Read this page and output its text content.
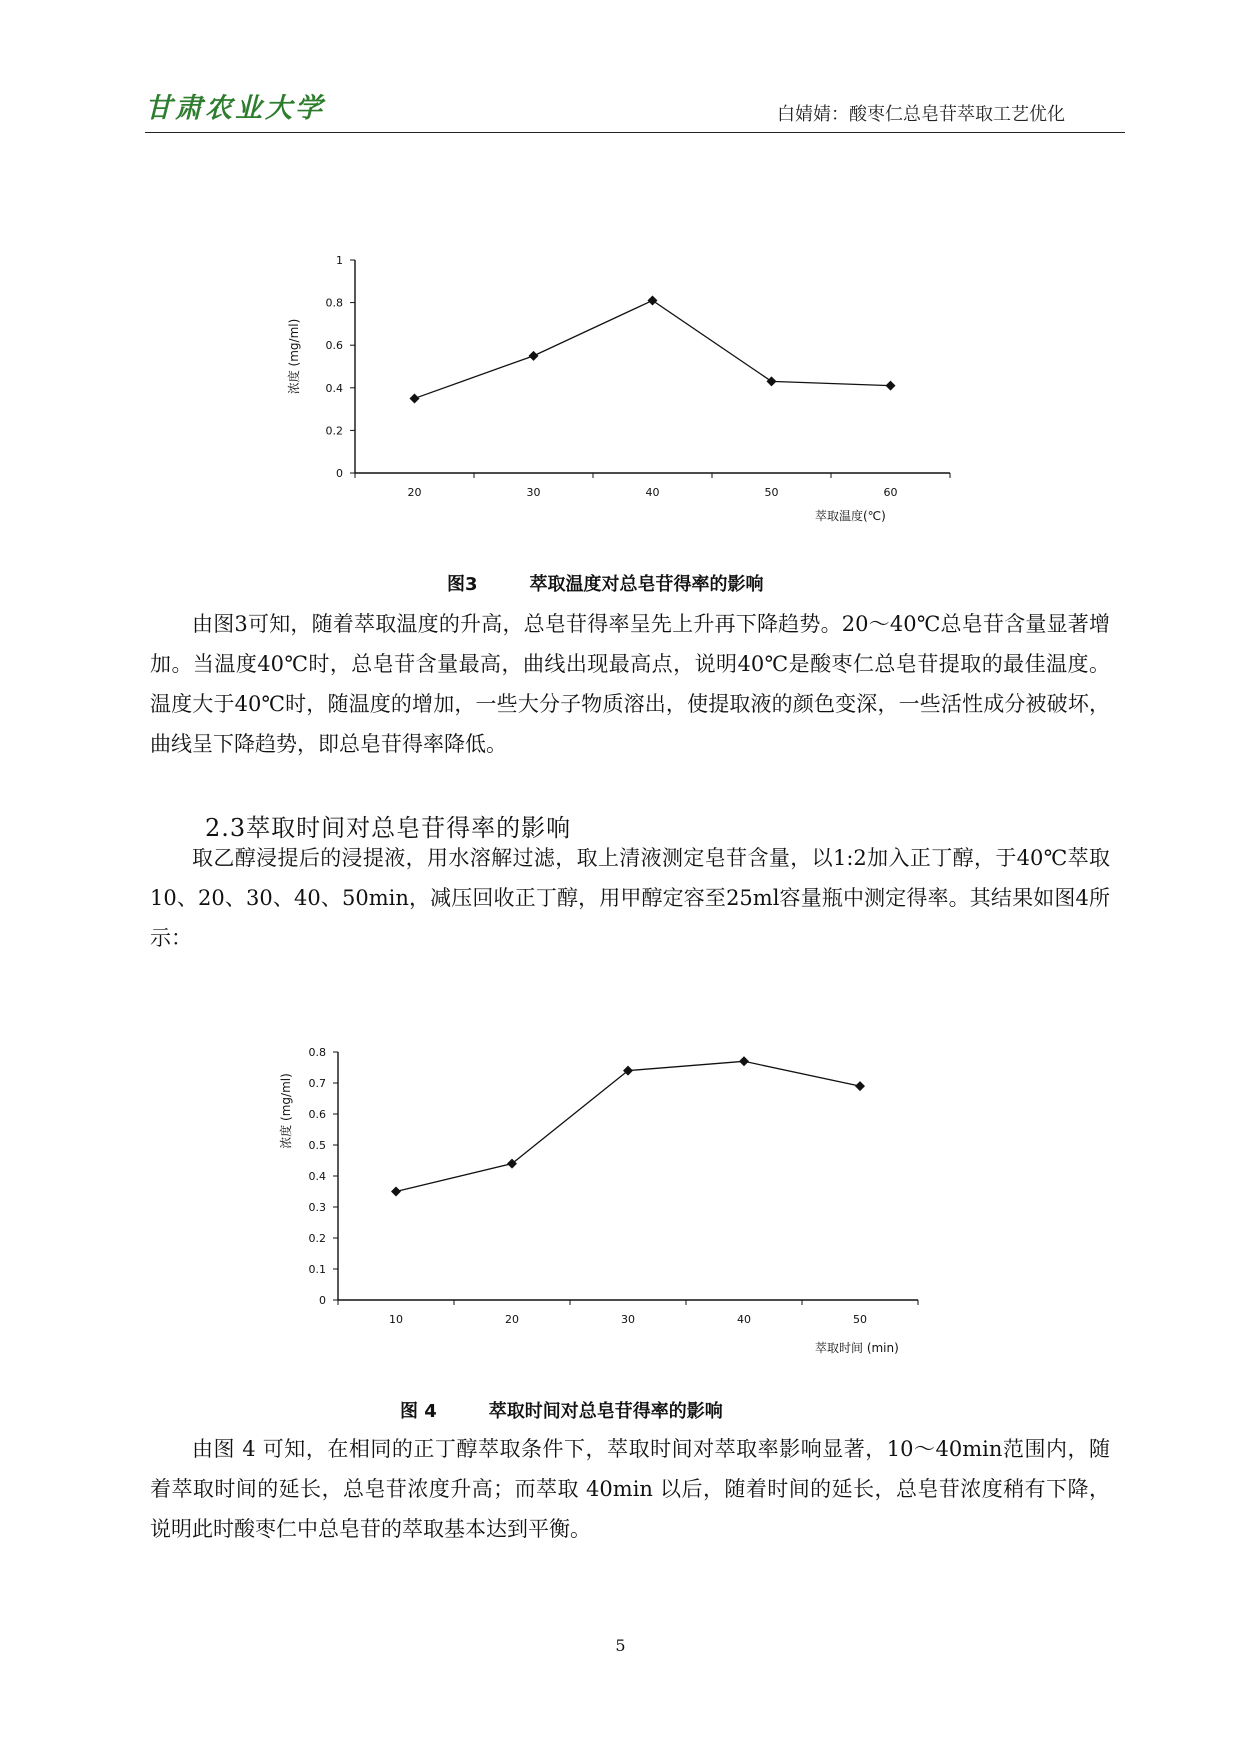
甘肃农业大学	白婧婧：酸枣仁总皂苷萃取工艺优化
0
0.2
0.4
0.6
0.8
1
20	30	40	50	60
萃取温度(℃)
浓度 (mg/ml)
图3	萃取温度对总皂苷得率的影响

由图3可知，随着萃取温度的升高，总皂苷得率呈先上升再下降趋势。20～40℃总皂苷含量显著增加。当温度40℃时，总皂苷含量最高，曲线出现最高点，说明40℃是酸枣仁总皂苷提取的最佳温度。温度大于40℃时，随温度的增加，一些大分子物质溶出，使提取液的颜色变深，一些活性成分被破坏，曲线呈下降趋势，即总皂苷得率降低。

2.3萃取时间对总皂苷得率的影响

取乙醇浸提后的浸提液，用水溶解过滤，取上清液测定皂苷含量，以1:2加入正丁醇，于40℃萃取10、20、30、40、50min，减压回收正丁醇，用甲醇定容至25ml容量瓶中测定得率。其结果如图4所示：

0
0.1
0.2
0.3
0.4
0.5
0.6
0.7
0.8
10	20	30	40	50
萃取时间 (min)
浓度 (mg/ml)
图 4	萃取时间对总皂苷得率的影响

由图 4 可知，在相同的正丁醇萃取条件下，萃取时间对萃取率影响显著，10～40min范围内，随着萃取时间的延长，总皂苷浓度升高；而萃取 40min 以后，随着时间的延长，总皂苷浓度稍有下降，说明此时酸枣仁中总皂苷的萃取基本达到平衡。

5
